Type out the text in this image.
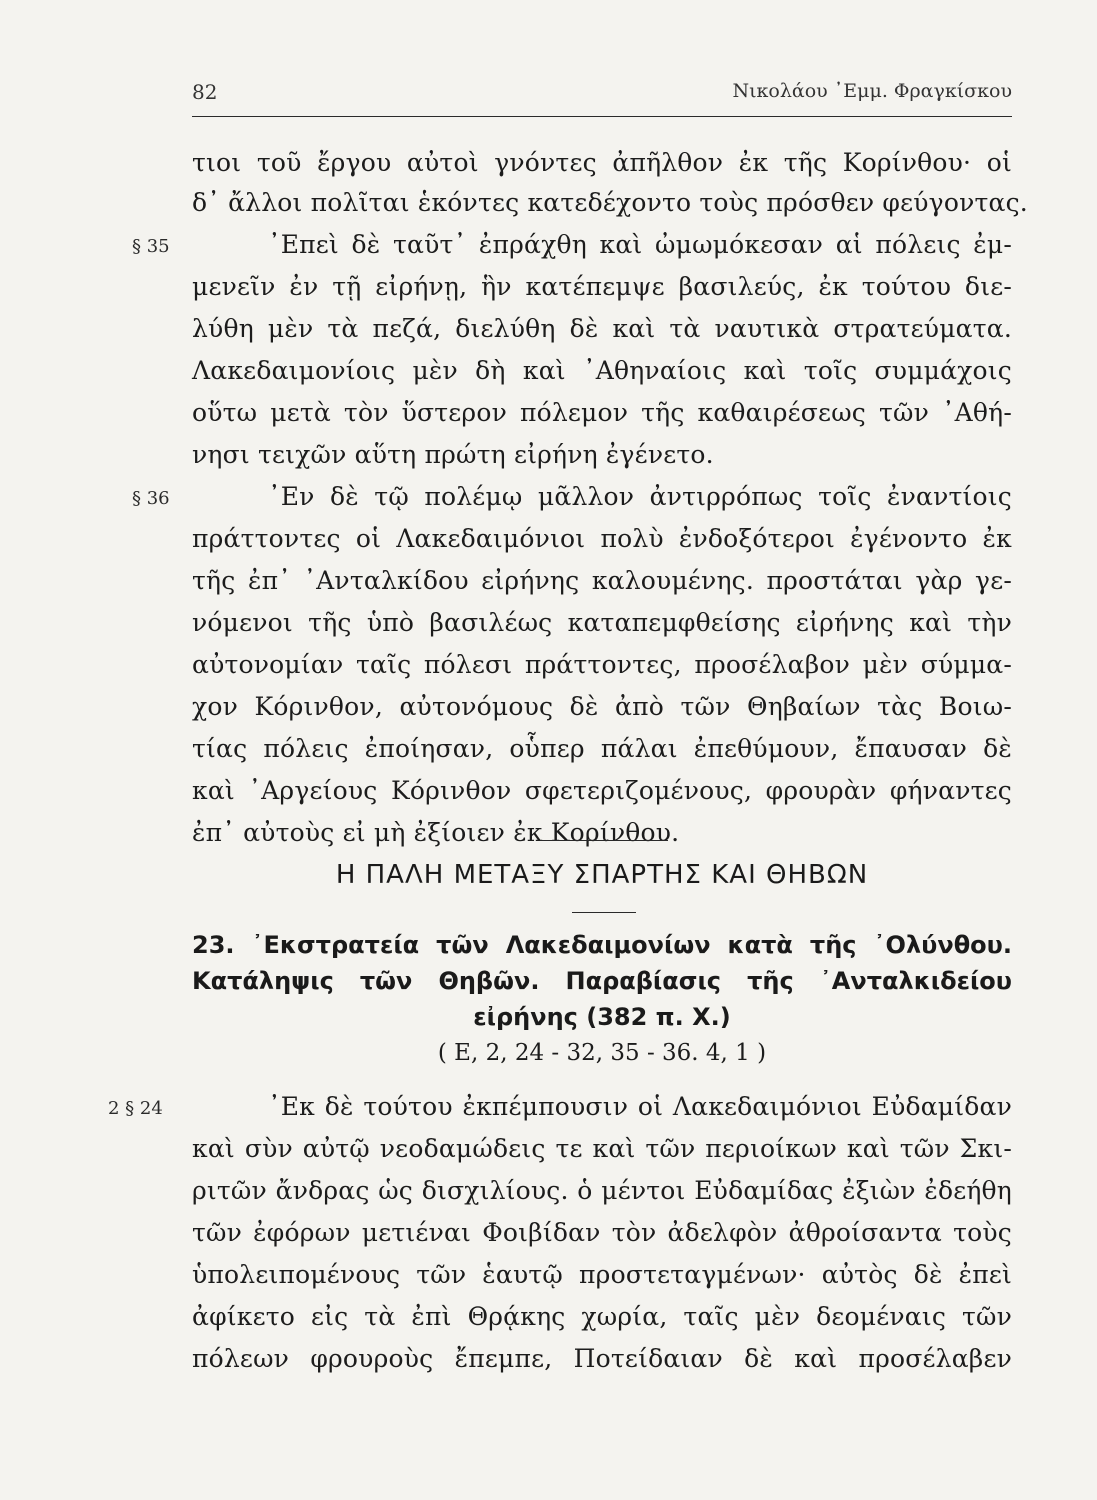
82	Νικολάου ᾿Εμμ. Φραγκίσκου
τιοι τοῦ ἔργου αὐτοὶ γνόντες ἀπῆλθον ἐκ τῆς Κορίνθου· οἱ
δ᾿ ἄλλοι πολῖται ἑκόντες κατεδέχοντο τοὺς πρόσθεν φεύγοντας.
§ 35	᾿Επεὶ δὲ ταῦτ᾿ ἐπράχθη καὶ ὠμωμόκεσαν αἱ πόλεις ἐμ-
μενεῖν ἐν τῇ εἰρήνῃ, ἣν κατέπεμψε βασιλεύς, ἐκ τούτου διε-
λύθη μὲν τὰ πεζά, διελύθη δὲ καὶ τὰ ναυτικὰ στρατεύματα.
Λακεδαιμονίοις μὲν δὴ καὶ ᾿Αθηναίοις καὶ τοῖς συμμάχοις
οὕτω μετὰ τὸν ὕστερον πόλεμον τῆς καθαιρέσεως τῶν ᾿Αθή-
νησι τειχῶν αὕτη πρώτη εἰρήνη ἐγένετο.
§ 36	᾿Εν δὲ τῷ πολέμῳ μᾶλλον ἀντιρρόπως τοῖς ἐναντίοις
πράττοντες οἱ Λακεδαιμόνιοι πολὺ ἐνδοξότεροι ἐγένοντο ἐκ
τῆς ἐπ᾿ ᾿Ανταλκίδου εἰρήνης καλουμένης. προστάται γὰρ γε-
νόμενοι τῆς ὑπὸ βασιλέως καταπεμφθείσης εἰρήνης καὶ τὴν
αὐτονομίαν ταῖς πόλεσι πράττοντες, προσέλαβον μὲν σύμμα-
χον Κόρινθον, αὐτονόμους δὲ ἀπὸ τῶν Θηβαίων τὰς Βοιω-
τίας πόλεις ἐποίησαν, οὗπερ πάλαι ἐπεθύμουν, ἔπαυσαν δὲ
καὶ ᾿Αργείους Κόρινθον σφετεριζομένους, φρουρὰν φήναντες
ἐπ᾿ αὐτοὺς εἰ μὴ ἐξίοιεν ἐκ Κορίνθου.
Η ΠΑΛΗ ΜΕΤΑΞΥ ΣΠΑΡΤΗΣ ΚΑΙ ΘΗΒΩΝ
23. ᾿Εκστρατεία τῶν Λακεδαιμονίων κατὰ τῆς ᾿Ολύνθου.
Κατάληψις τῶν Θηβῶν. Παραβίασις τῆς ᾿Ανταλκιδείου
εἰρήνης (382 π. Χ.)
( Ε, 2, 24 - 32, 35 - 36. 4, 1 )
2 § 24	᾿Εκ δὲ τούτου ἐκπέμπουσιν οἱ Λακεδαιμόνιοι Εὐδαμίδαν
καὶ σὺν αὐτῷ νεοδαμώδεις τε καὶ τῶν περιοίκων καὶ τῶν Σκι-
ριτῶν ἄνδρας ὡς δισχιλίους. ὁ μέντοι Εὐδαμίδας ἐξιὼν ἐδεήθη
τῶν ἐφόρων μετιέναι Φοιβίδαν τὸν ἀδελφὸν ἀθροίσαντα τοὺς
ὑπολειπομένους τῶν ἑαυτῷ προστεταγμένων· αὐτὸς δὲ ἐπεὶ
ἀφίκετο εἰς τὰ ἐπὶ Θρᾴκης χωρία, ταῖς μὲν δεομέναις τῶν
πόλεων φρουροὺς ἔπεμπε, Ποτείδαιαν δὲ καὶ προσέλαβεν
